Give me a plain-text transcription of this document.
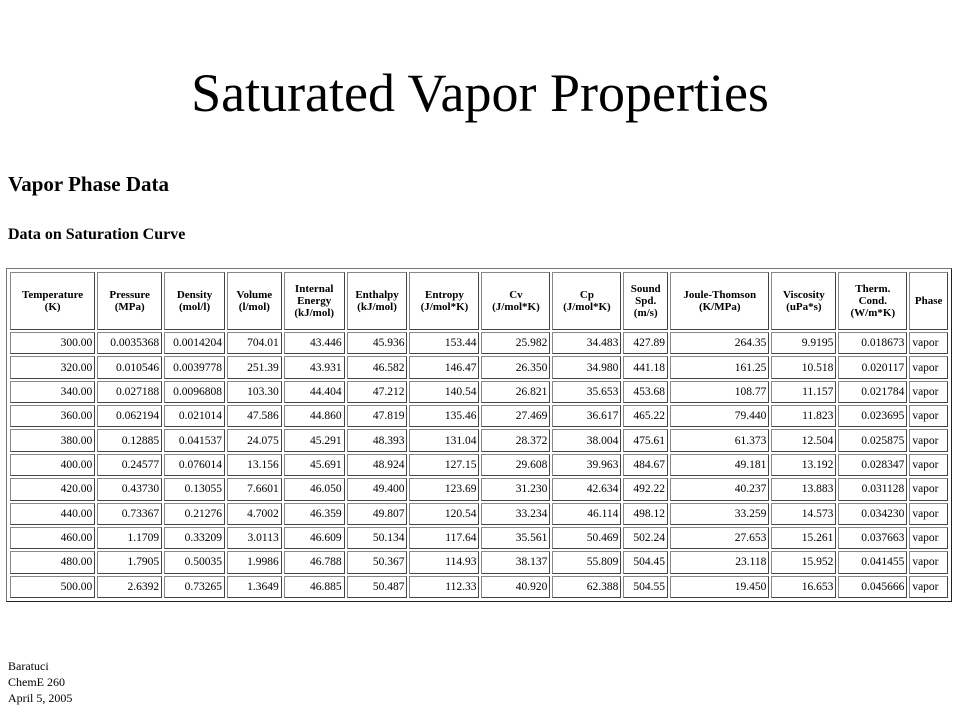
Saturated Vapor Properties
Vapor Phase Data
Data on Saturation Curve
Temperature (K)	Pressure (MPa)	Density (mol/l)	Volume (l/mol)	Internal Energy (kJ/mol)	Enthalpy (kJ/mol)	Entropy (J/mol*K)	Cv (J/mol*K)	Cp (J/mol*K)	Sound Spd. (m/s)	Joule-Thomson (K/MPa)	Viscosity (uPa*s)	Therm. Cond. (W/m*K)	Phase
300.00	0.0035368	0.0014204	704.01	43.446	45.936	153.44	25.982	34.483	427.89	264.35	9.9195	0.018673	vapor
320.00	0.010546	0.0039778	251.39	43.931	46.582	146.47	26.350	34.980	441.18	161.25	10.518	0.020117	vapor
340.00	0.027188	0.0096808	103.30	44.404	47.212	140.54	26.821	35.653	453.68	108.77	11.157	0.021784	vapor
360.00	0.062194	0.021014	47.586	44.860	47.819	135.46	27.469	36.617	465.22	79.440	11.823	0.023695	vapor
380.00	0.12885	0.041537	24.075	45.291	48.393	131.04	28.372	38.004	475.61	61.373	12.504	0.025875	vapor
400.00	0.24577	0.076014	13.156	45.691	48.924	127.15	29.608	39.963	484.67	49.181	13.192	0.028347	vapor
420.00	0.43730	0.13055	7.6601	46.050	49.400	123.69	31.230	42.634	492.22	40.237	13.883	0.031128	vapor
440.00	0.73367	0.21276	4.7002	46.359	49.807	120.54	33.234	46.114	498.12	33.259	14.573	0.034230	vapor
460.00	1.1709	0.33209	3.0113	46.609	50.134	117.64	35.561	50.469	502.24	27.653	15.261	0.037663	vapor
480.00	1.7905	0.50035	1.9986	46.788	50.367	114.93	38.137	55.809	504.45	23.118	15.952	0.041455	vapor
500.00	2.6392	0.73265	1.3649	46.885	50.487	112.33	40.920	62.388	504.55	19.450	16.653	0.045666	vapor
Baratuci
ChemE 260
April 5, 2005
